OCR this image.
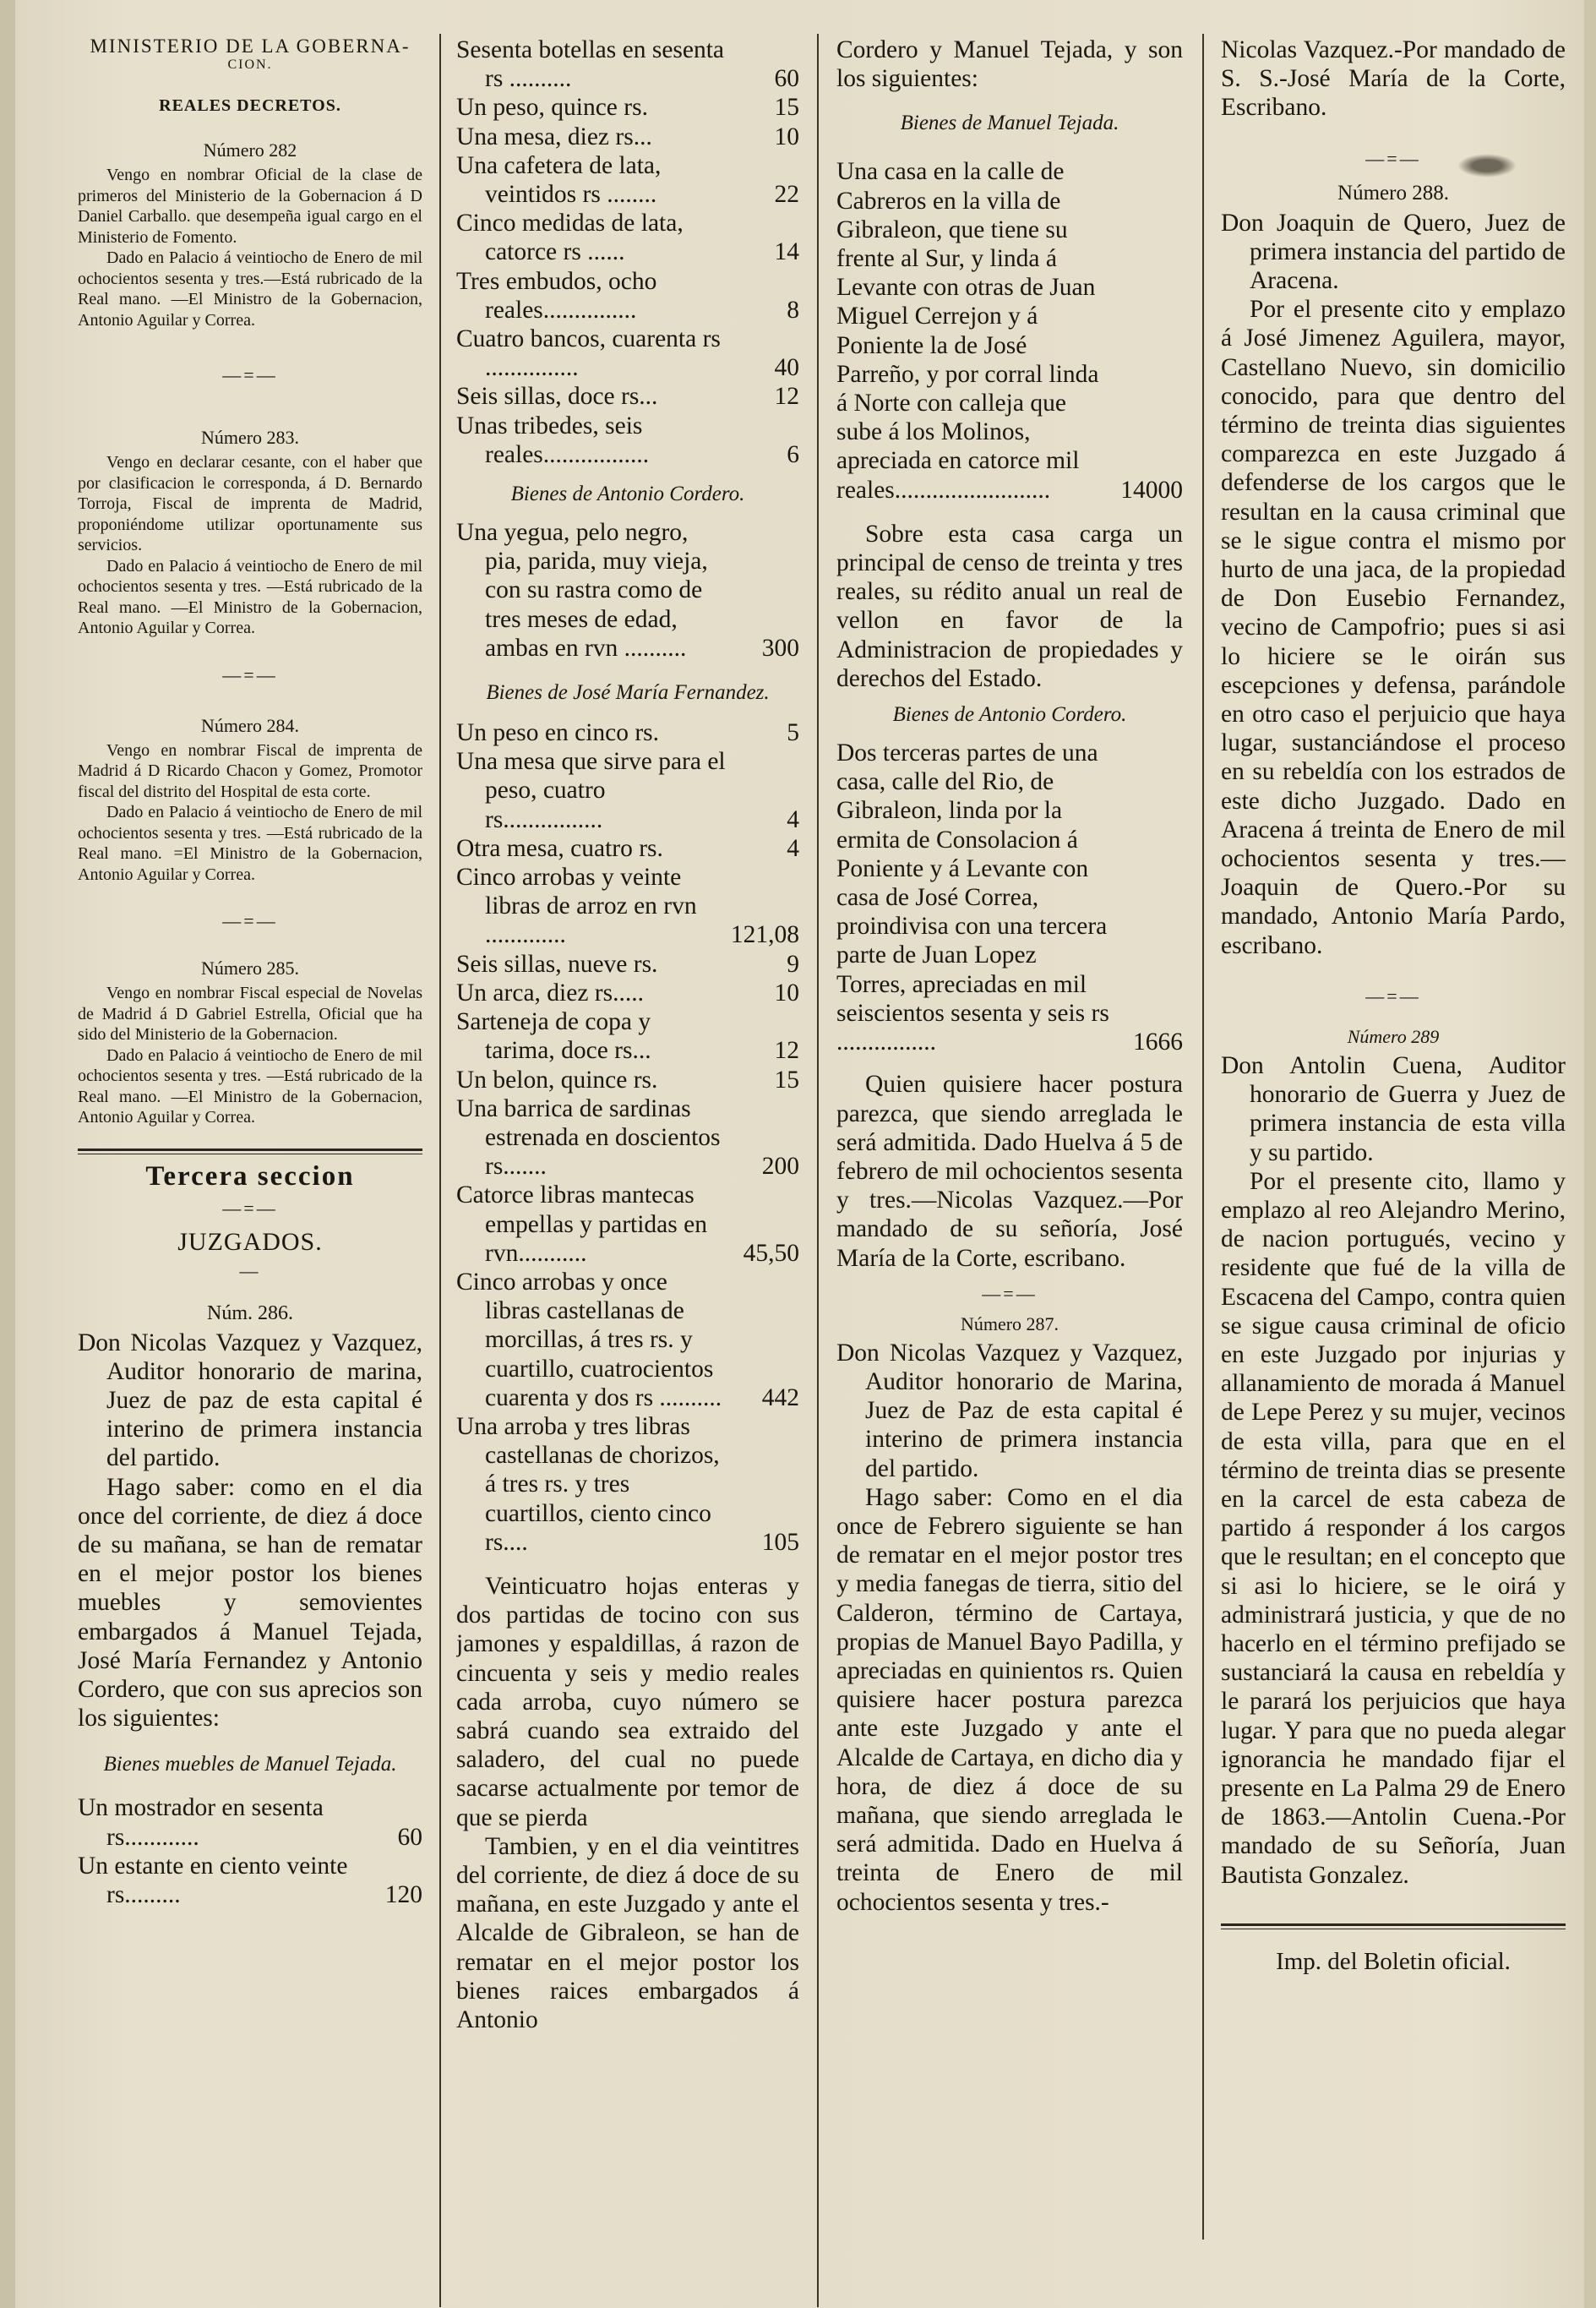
MINISTERIO DE LA GOBERNA-

CION.

REALES DECRETOS.

Número 282

Vengo en nombrar Oficial de la clase de primeros del Ministerio de la Gobernacion á D Daniel Carballo. que desempeña igual cargo en el Ministerio de Fomento.

Dado en Palacio á veintiocho de Enero de mil ochocientos sesenta y tres.—Está rubricado de la Real mano. —El Ministro de la Gobernacion, Antonio Aguilar y Correa.

—=—

Número 283.

Vengo en declarar cesante, con el haber que por clasificacion le corresponda, á D. Bernardo Torroja, Fiscal de imprenta de Madrid, proponiéndome utilizar oportunamente sus servicios.

Dado en Palacio á veintiocho de Enero de mil ochocientos sesenta y tres. —Está rubricado de la Real mano. —El Ministro de la Gobernacion, Antonio Aguilar y Correa.

—=—

Número 284.

Vengo en nombrar Fiscal de imprenta de Madrid á D Ricardo Chacon y Gomez, Promotor fiscal del distrito del Hospital de esta corte.

Dado en Palacio á veintiocho de Enero de mil ochocientos sesenta y tres. —Está rubricado de la Real mano. =El Ministro de la Gobernacion, Antonio Aguilar y Correa.

—=—

Número 285.

Vengo en nombrar Fiscal especial de Novelas de Madrid á D Gabriel Estrella, Oficial que ha sido del Ministerio de la Gobernacion.

Dado en Palacio á veintiocho de Enero de mil ochocientos sesenta y tres. —Está rubricado de la Real mano. —El Ministro de la Gobernacion, Antonio Aguilar y Correa.

Tercera seccion

—=—

JUZGADOS.

—

Núm. 286.

Don Nicolas Vazquez y Vazquez, Auditor honorario de marina, Juez de paz de esta capital é interino de primera instancia del partido.

Hago saber: como en el dia once del corriente, de diez á doce de su mañana, se han de rematar en el mejor postor los bienes muebles y semovientes embargados á Manuel Tejada, José María Fernandez y Antonio Cordero, que con sus aprecios son los siguientes:

Bienes muebles de Manuel Tejada.

Un mostrador en sesenta rs............	60
Un estante en ciento veinte rs.........	120
Sesenta botellas en sesenta rs ..........	60
Un peso, quince rs.	15
Una mesa, diez rs...	10
Una cafetera de lata, veintidos rs ........	22
Cinco medidas de lata, catorce rs ......	14
Tres embudos, ocho reales...............	8
Cuatro bancos, cuarenta rs ...............	40
Seis sillas, doce rs...	12
Unas tribedes, seis reales.................	6

Bienes de Antonio Cordero.

Una yegua, pelo negro, pia, parida, muy vieja, con su rastra como de tres meses de edad, ambas en rvn ..........	300

Bienes de José María Fernandez.

Un peso en cinco rs.	5
Una mesa que sirve para el peso, cuatro rs................	4
Otra mesa, cuatro rs.	4
Cinco arrobas y veinte libras de arroz en rvn .............	121,08
Seis sillas, nueve rs.	9
Un arca, diez rs.....	10
Sarteneja de copa y tarima, doce rs...	12
Un belon, quince rs.	15
Una barrica de sardinas estrenada en doscientos rs.......	200
Catorce libras mantecas empellas y partidas en rvn...........	45,50
Cinco arrobas y once libras castellanas de morcillas, á tres rs. y cuartillo, cuatrocientos cuarenta y dos rs ..........	442
Una arroba y tres libras castellanas de chorizos, á tres rs. y tres cuartillos, ciento cinco rs....	105

Veinticuatro hojas enteras y dos partidas de tocino con sus jamones y espaldillas, á razon de cincuenta y seis y medio reales cada arroba, cuyo número se sabrá cuando sea extraido del saladero, del cual no puede sacarse actualmente por temor de que se pierda

Tambien, y en el dia veintitres del corriente, de diez á doce de su mañana, en este Juzgado y ante el Alcalde de Gibraleon, se han de rematar en el mejor postor los bienes raices embargados á Antonio

Cordero y Manuel Tejada, y son los siguientes:

Bienes de Manuel Tejada.

Una casa en la calle de Cabreros en la villa de Gibraleon, que tiene su frente al Sur, y linda á Levante con otras de Juan Miguel Cerrejon y á Poniente la de José Parreño, y por corral linda á Norte con calleja que sube á los Molinos, apreciada en catorce mil reales.........................	14000

Sobre esta casa carga un principal de censo de treinta y tres reales, su rédito anual un real de vellon en favor de la Administracion de propiedades y derechos del Estado.

Bienes de Antonio Cordero.

Dos terceras partes de una casa, calle del Rio, de Gibraleon, linda por la ermita de Consolacion á Poniente y á Levante con casa de José Correa, proindivisa con una tercera parte de Juan Lopez Torres, apreciadas en mil seiscientos sesenta y seis rs ................	1666

Quien quisiere hacer postura parezca, que siendo arreglada le será admitida. Dado Huelva á 5 de febrero de mil ochocientos sesenta y tres.—Nicolas Vazquez.—Por mandado de su señoría, José María de la Corte, escribano.

—=—

Número 287.

Don Nicolas Vazquez y Vazquez, Auditor honorario de Marina, Juez de Paz de esta capital é interino de primera instancia del partido.

Hago saber: Como en el dia once de Febrero siguiente se han de rematar en el mejor postor tres y media fanegas de tierra, sitio del Calderon, término de Cartaya, propias de Manuel Bayo Padilla, y apreciadas en quinientos rs. Quien quisiere hacer postura parezca ante este Juzgado y ante el Alcalde de Cartaya, en dicho dia y hora, de diez á doce de su mañana, que siendo arreglada le será admitida. Dado en Huelva á treinta de Enero de mil ochocientos sesenta y tres.-

Nicolas Vazquez.-Por mandado de S. S.-José María de la Corte, Escribano.

—=—

Número 288.

Don Joaquin de Quero, Juez de primera instancia del partido de Aracena.

Por el presente cito y emplazo á José Jimenez Aguilera, mayor, Castellano Nuevo, sin domicilio conocido, para que dentro del término de treinta dias siguientes comparezca en este Juzgado á defenderse de los cargos que le resultan en la causa criminal que se le sigue contra el mismo por hurto de una jaca, de la propiedad de Don Eusebio Fernandez, vecino de Campofrio; pues si asi lo hiciere se le oirán sus escepciones y defensa, parándole en otro caso el perjuicio que haya lugar, sustanciándose el proceso en su rebeldía con los estrados de este dicho Juzgado. Dado en Aracena á treinta de Enero de mil ochocientos sesenta y tres.—Joaquin de Quero.-Por su mandado, Antonio María Pardo, escribano.

—=—

Número 289

Don Antolin Cuena, Auditor honorario de Guerra y Juez de primera instancia de esta villa y su partido.

Por el presente cito, llamo y emplazo al reo Alejandro Merino, de nacion portugués, vecino y residente que fué de la villa de Escacena del Campo, contra quien se sigue causa criminal de oficio en este Juzgado por injurias y allanamiento de morada á Manuel de Lepe Perez y su mujer, vecinos de esta villa, para que en el término de treinta dias se presente en la carcel de esta cabeza de partido á responder á los cargos que le resultan; en el concepto que si asi lo hiciere, se le oirá y administrará justicia, y que de no hacerlo en el término prefijado se sustanciará la causa en rebeldía y le parará los perjuicios que haya lugar. Y para que no pueda alegar ignorancia he mandado fijar el presente en La Palma 29 de Enero de 1863.—Antolin Cuena.-Por mandado de su Señoría, Juan Bautista Gonzalez.

Imp. del Boletin oficial.
